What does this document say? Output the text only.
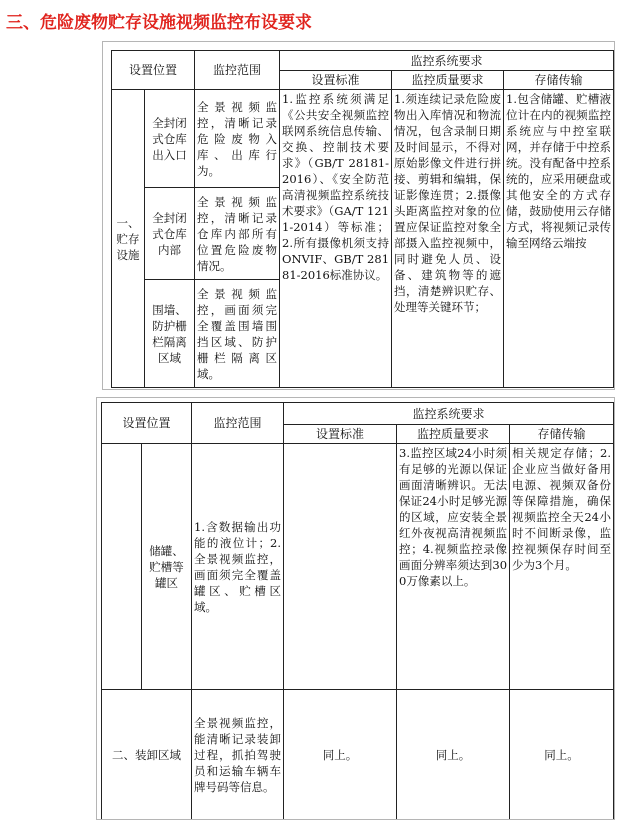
三、危险废物贮存设施视频监控布设要求
设置位置		监控范围	监控系统要求		
			设置标准	监控质量要求	存储传输
一、贮存设施	全封闭式仓库出入口	全景视频监控，清晰记录危险废物入库、出库行为。	1.监控系统须满足《公共安全视频监控联网系统信息传输、交换、控制技术要求》（GB/T 28181-2016）、《安全防范高清视频监控系统技术要求》（GA/T 1211-2014）等标准；2.所有摄像机须支持ONVIF、GB/T 28181-2016标准协议。	1.须连续记录危险废物出入库情况和物流情况，包含录制日期及时间显示，不得对原始影像文件进行拼接、剪辑和编辑，保证影像连贯；2.摄像头距离监控对象的位置应保证监控对象全部摄入监控视频中，同时避免人员、设备、建筑物等的遮挡，清楚辨识贮存、处理等关键环节；	1.包含储罐、贮槽液位计在内的视频监控系统应与中控室联网，并存储于中控系统。没有配备中控系统的，应采用硬盘或其他安全的方式存储，鼓励使用云存储方式，将视频记录传输至网络云端按
	全封闭式仓库内部	全景视频监控，清晰记录仓库内部所有位置危险废物情况。			
	围墙、防护栅栏隔离区域	全景视频监控，画面须完全覆盖围墙围挡区域、防护栅栏隔离区域。			
设置位置		监控范围	监控系统要求		
			设置标准	监控质量要求	存储传输
	储罐、贮槽等罐区	1.含数据输出功能的液位计；2.全景视频监控，画面须完全覆盖罐区、贮槽区域。		3.监控区域24小时须有足够的光源以保证画面清晰辨识。无法保证24小时足够光源的区域，应安装全景红外夜视高清视频监控；4.视频监控录像画面分辨率须达到300万像素以上。	相关规定存储；2.企业应当做好备用电源、视频双备份等保障措施，确保视频监控全天24小时不间断录像，监控视频保存时间至少为3个月。
二、装卸区域		全景视频监控，能清晰记录装卸过程，抓拍驾驶员和运输车辆车牌号码等信息。	同上。	同上。	同上。
